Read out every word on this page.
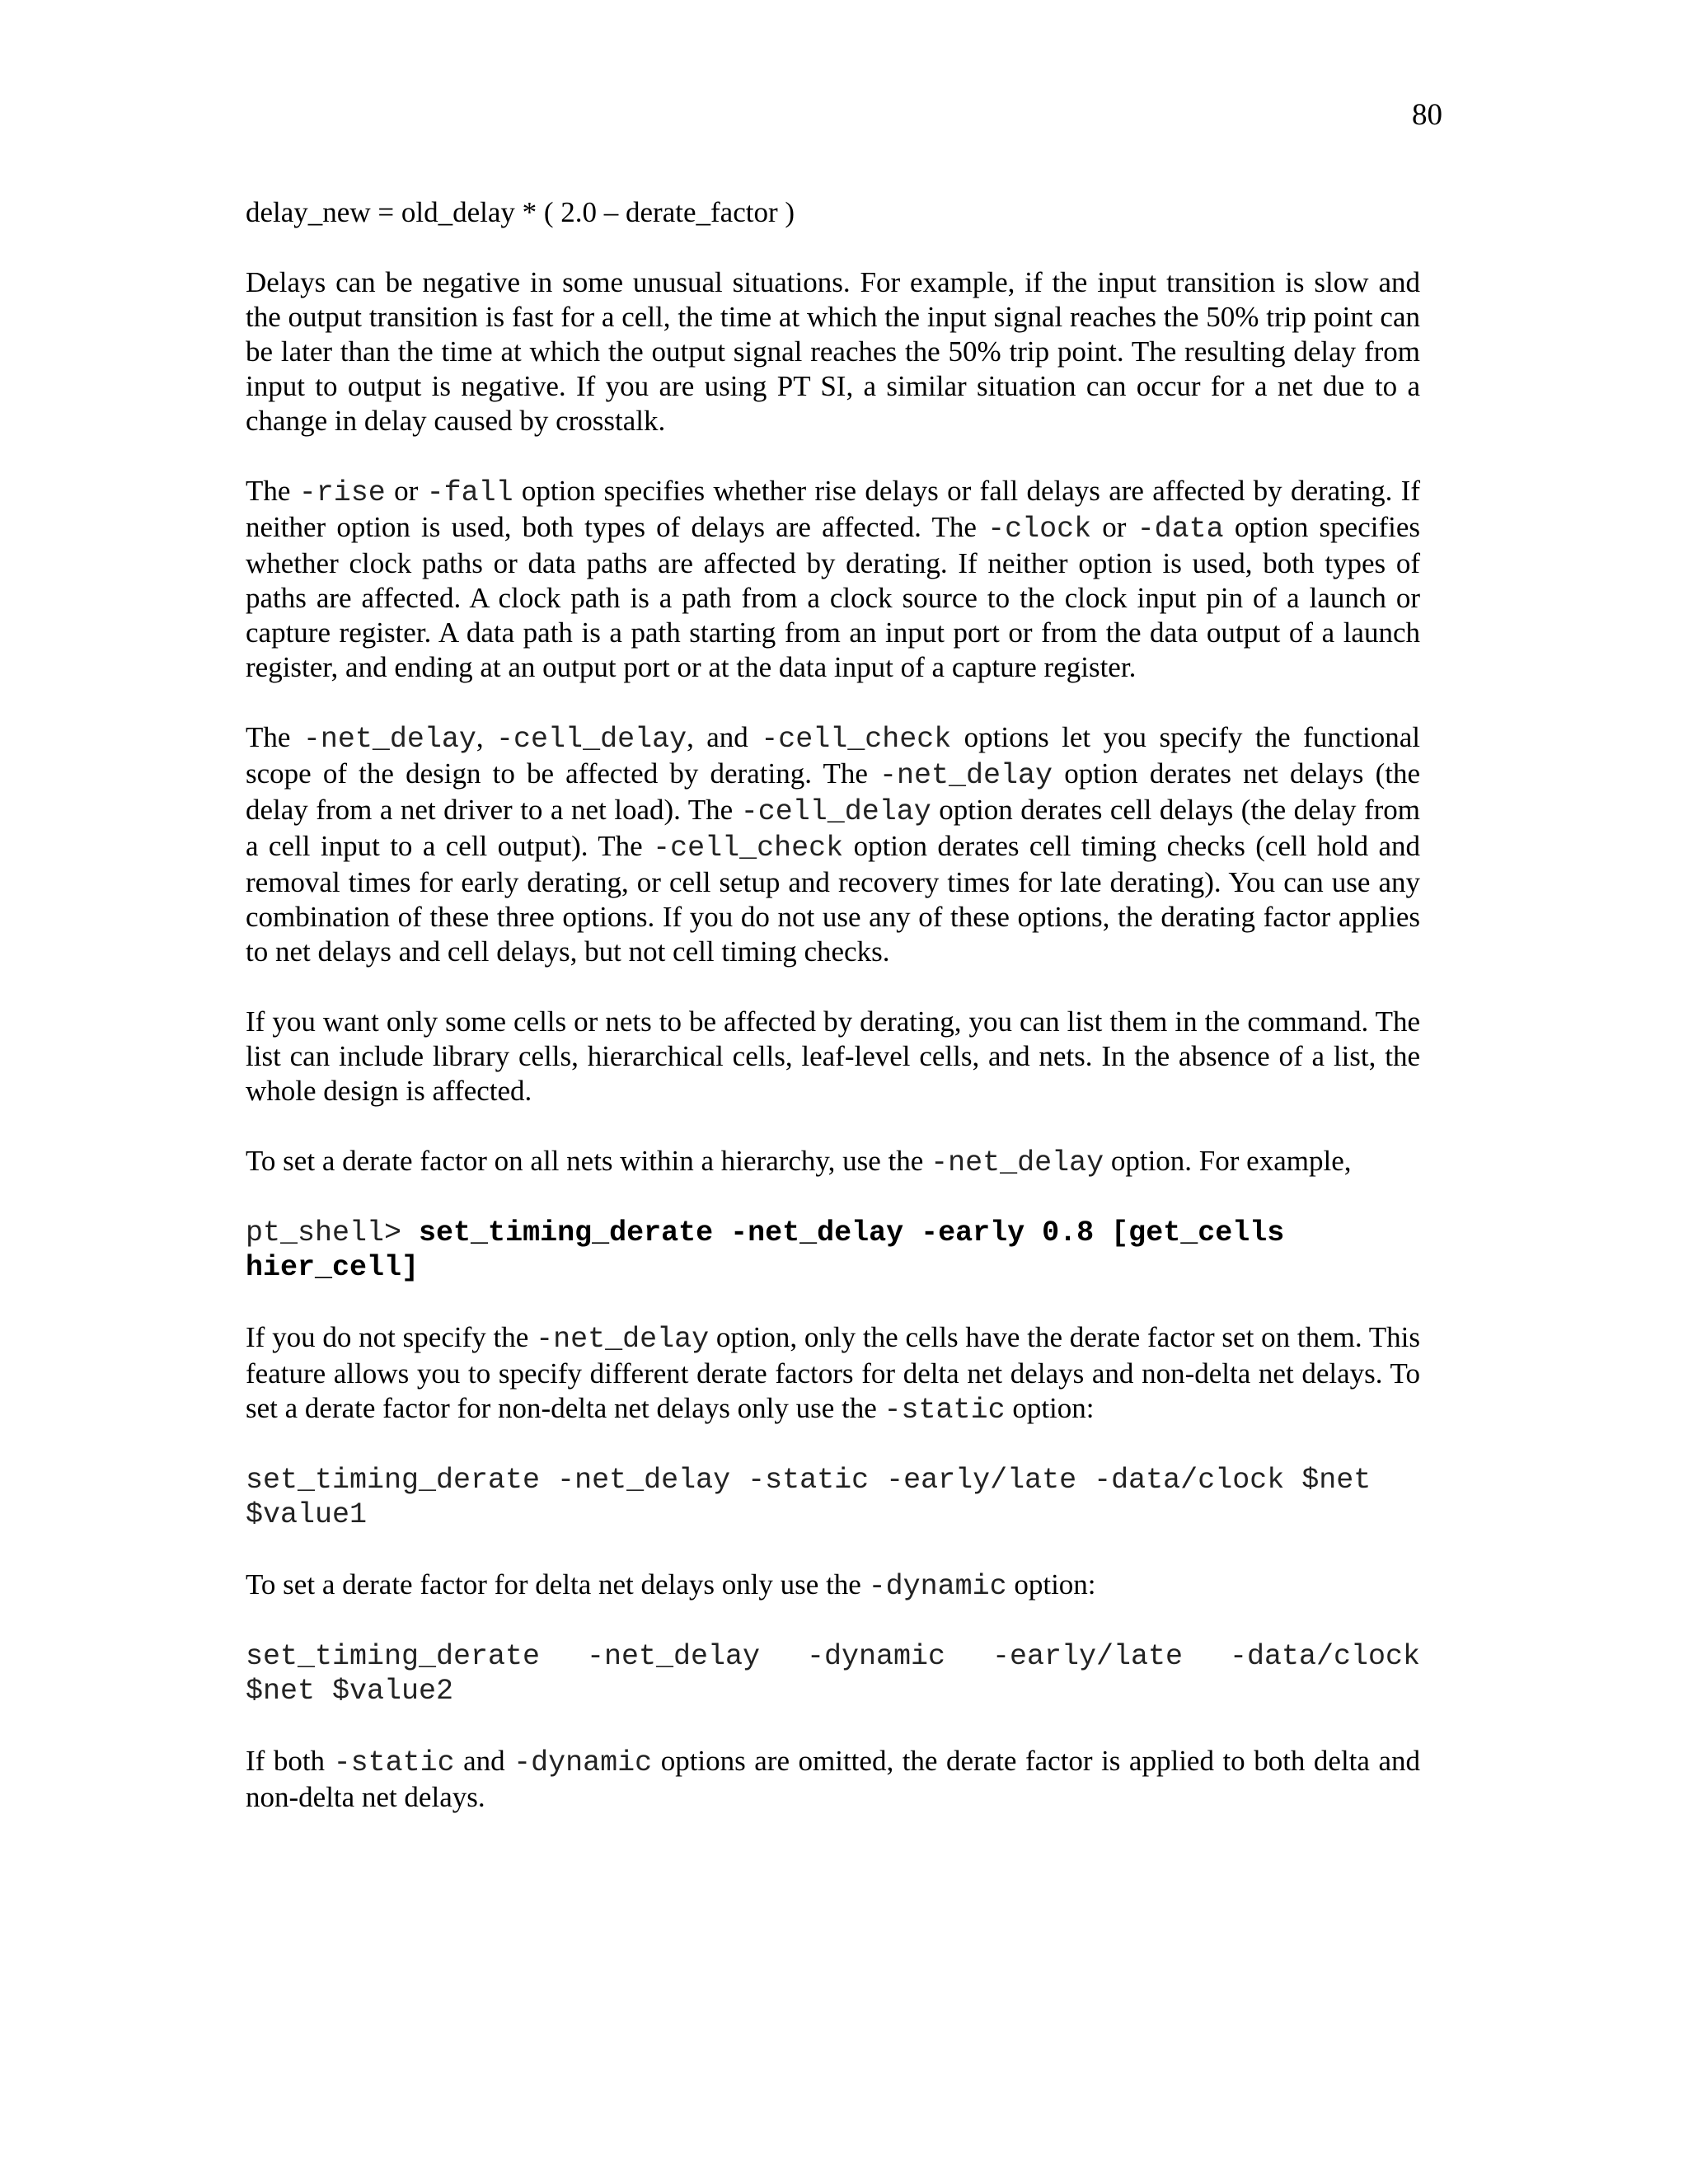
80

delay_new = old_delay * ( 2.0 – derate_factor )

Delays can be negative in some unusual situations. For example, if the input transition is slow and the output transition is fast for a cell, the time at which the input signal reaches the 50% trip point can be later than the time at which the output signal reaches the 50% trip point. The resulting delay from input to output is negative. If you are using PT SI, a similar situation can occur for a net due to a change in delay caused by crosstalk.

The -rise or -fall option specifies whether rise delays or fall delays are affected by derating. If neither option is used, both types of delays are affected. The -clock or -data option specifies whether clock paths or data paths are affected by derating. If neither option is used, both types of paths are affected. A clock path is a path from a clock source to the clock input pin of a launch or capture register. A data path is a path starting from an input port or from the data output of a launch register, and ending at an output port or at the data input of a capture register.

The -net_delay, -cell_delay, and -cell_check options let you specify the functional scope of the design to be affected by derating. The -net_delay option derates net delays (the delay from a net driver to a net load). The -cell_delay option derates cell delays (the delay from a cell input to a cell output). The -cell_check option derates cell timing checks (cell hold and removal times for early derating, or cell setup and recovery times for late derating). You can use any combination of these three options. If you do not use any of these options, the derating factor applies to net delays and cell delays, but not cell timing checks.

If you want only some cells or nets to be affected by derating, you can list them in the command. The list can include library cells, hierarchical cells, leaf-level cells, and nets. In the absence of a list, the whole design is affected.

To set a derate factor on all nets within a hierarchy, use the -net_delay option. For example,

pt_shell> set_timing_derate -net_delay -early 0.8 [get_cells
hier_cell]

If you do not specify the -net_delay option, only the cells have the derate factor set on them. This feature allows you to specify different derate factors for delta net delays and non-delta net delays. To set a derate factor for non-delta net delays only use the -static option:

set_timing_derate -net_delay -static -early/late -data/clock $net
$value1

To set a derate factor for delta net delays only use the -dynamic option:

set_timing_derate -net_delay -dynamic -early/late -data/clock
$net $value2

If both -static and -dynamic options are omitted, the derate factor is applied to both delta and non-delta net delays.
